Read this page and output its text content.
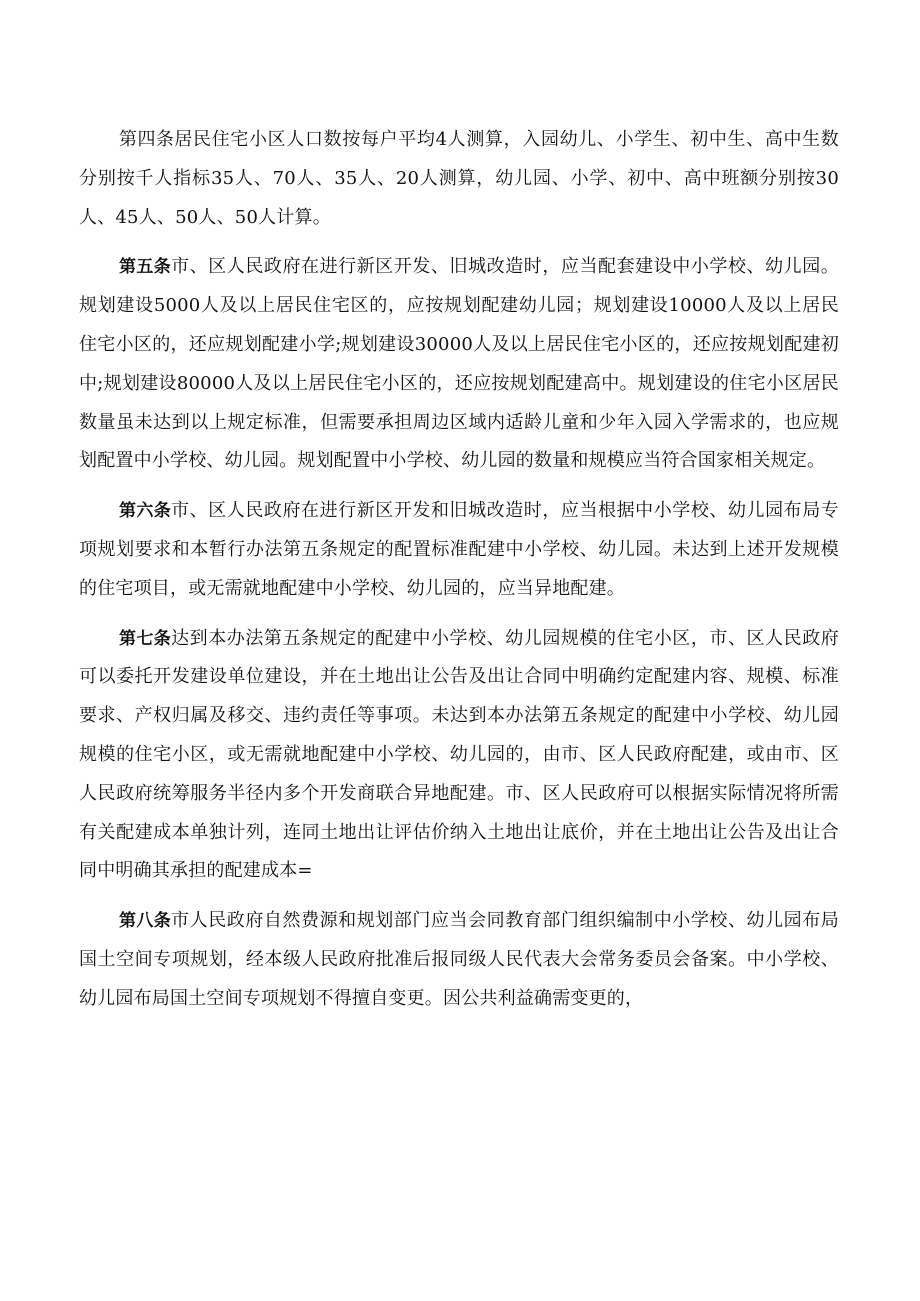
第四条居民住宅小区人口数按每户平均4人测算，入园幼儿、小学生、初中生、高中生数分别按千人指标35人、70人、35人、20人测算，幼儿园、小学、初中、高中班额分别按30人、45人、50人、50人计算。

第五条市、区人民政府在进行新区开发、旧城改造时，应当配套建设中小学校、幼儿园。规划建设5000人及以上居民住宅区的，应按规划配建幼儿园；规划建设10000人及以上居民住宅小区的，还应规划配建小学;规划建设30000人及以上居民住宅小区的，还应按规划配建初中;规划建设80000人及以上居民住宅小区的，还应按规划配建高中。规划建设的住宅小区居民数量虽未达到以上规定标准，但需要承担周边区域内适龄儿童和少年入园入学需求的，也应规划配置中小学校、幼儿园。规划配置中小学校、幼儿园的数量和规模应当符合国家相关规定。

第六条市、区人民政府在进行新区开发和旧城改造时，应当根据中小学校、幼儿园布局专项规划要求和本暂行办法第五条规定的配置标准配建中小学校、幼儿园。未达到上述开发规模的住宅项目，或无需就地配建中小学校、幼儿园的，应当异地配建。

第七条达到本办法第五条规定的配建中小学校、幼儿园规模的住宅小区，市、区人民政府可以委托开发建设单位建设，并在土地出让公告及出让合同中明确约定配建内容、规模、标准要求、产权归属及移交、违约责任等事项。未达到本办法第五条规定的配建中小学校、幼儿园规模的住宅小区，或无需就地配建中小学校、幼儿园的，由市、区人民政府配建，或由市、区人民政府统筹服务半径内多个开发商联合异地配建。市、区人民政府可以根据实际情况将所需有关配建成本单独计列，连同土地出让评估价纳入土地出让底价，并在土地出让公告及出让合同中明确其承担的配建成本=

第八条市人民政府自然费源和规划部门应当会同教育部门组织编制中小学校、幼儿园布局国土空间专项规划，经本级人民政府批准后报同级人民代表大会常务委员会备案。中小学校、幼儿园布局国土空间专项规划不得擅自变更。因公共利益确需变更的，
